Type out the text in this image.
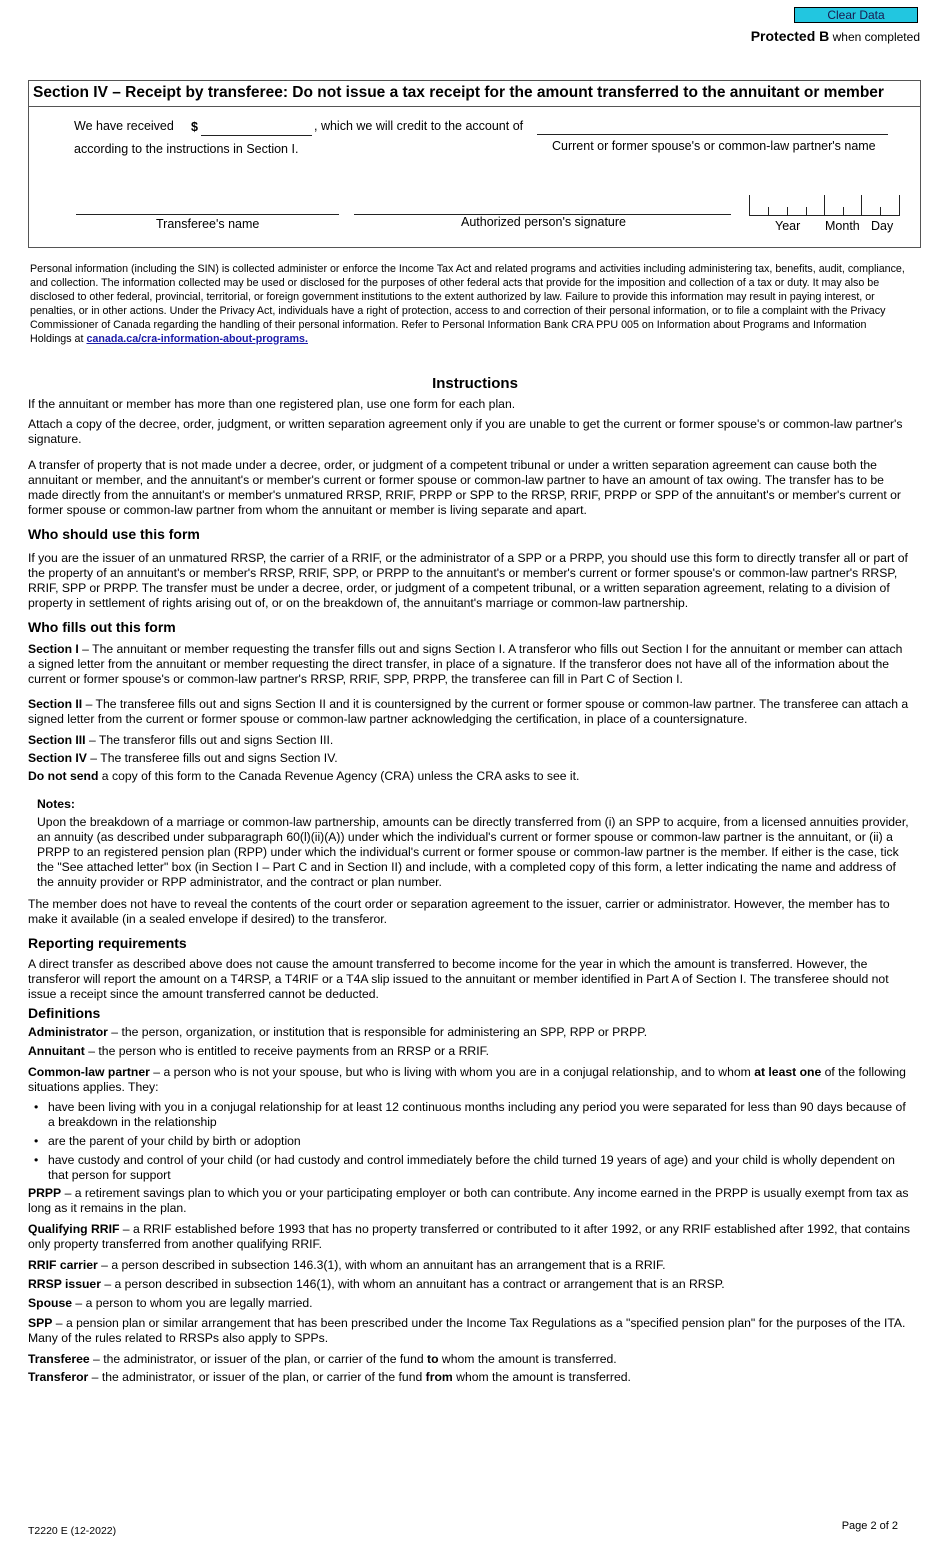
Clear Data
Protected B when completed
Section IV – Receipt by transferee: Do not issue a tax receipt for the amount transferred to the annuitant or member
We have received $	, which we will credit to the account of
according to the instructions in Section I.	Current or former spouse's or common-law partner's name
Transferee's name	Authorized person's signature	Year Month Day
Personal information (including the SIN) is collected administer or enforce the Income Tax Act and related programs and activities including administering tax, benefits, audit, compliance, and collection. The information collected may be used or disclosed for the purposes of other federal acts that provide for the imposition and collection of a tax or duty. It may also be disclosed to other federal, provincial, territorial, or foreign government institutions to the extent authorized by law. Failure to provide this information may result in paying interest, or penalties, or in other actions. Under the Privacy Act, individuals have a right of protection, access to and correction of their personal information, or to file a complaint with the Privacy Commissioner of Canada regarding the handling of their personal information. Refer to Personal Information Bank CRA PPU 005 on Information about Programs and Information Holdings at canada.ca/cra-information-about-programs.
Instructions
If the annuitant or member has more than one registered plan, use one form for each plan.
Attach a copy of the decree, order, judgment, or written separation agreement only if you are unable to get the current or former spouse's or common-law partner's signature.
A transfer of property that is not made under a decree, order, or judgment of a competent tribunal or under a written separation agreement can cause both the annuitant or member, and the annuitant's or member's current or former spouse or common-law partner to have an amount of tax owing. The transfer has to be made directly from the annuitant's or member's unmatured RRSP, RRIF, PRPP or SPP to the RRSP, RRIF, PRPP or SPP of the annuitant's or member's current or former spouse or common-law partner from whom the annuitant or member is living separate and apart.
Who should use this form
If you are the issuer of an unmatured RRSP, the carrier of a RRIF, or the administrator of a SPP or a PRPP, you should use this form to directly transfer all or part of the property of an annuitant's or member's RRSP, RRIF, SPP, or PRPP to the annuitant's or member's current or former spouse's or common-law partner's RRSP, RRIF, SPP or PRPP. The transfer must be under a decree, order, or judgment of a competent tribunal, or a written separation agreement, relating to a division of property in settlement of rights arising out of, or on the breakdown of, the annuitant's marriage or common-law partnership.
Who fills out this form
Section I – The annuitant or member requesting the transfer fills out and signs Section I. A transferor who fills out Section I for the annuitant or member can attach a signed letter from the annuitant or member requesting the direct transfer, in place of a signature. If the transferor does not have all of the information about the current or former spouse's or common-law partner's RRSP, RRIF, SPP, PRPP, the transferee can fill in Part C of Section I.
Section II – The transferee fills out and signs Section II and it is countersigned by the current or former spouse or common-law partner. The transferee can attach a signed letter from the current or former spouse or common-law partner acknowledging the certification, in place of a countersignature.
Section III – The transferor fills out and signs Section III.
Section IV – The transferee fills out and signs Section IV.
Do not send a copy of this form to the Canada Revenue Agency (CRA) unless the CRA asks to see it.
Notes:
Upon the breakdown of a marriage or common-law partnership, amounts can be directly transferred from (i) an SPP to acquire, from a licensed annuities provider, an annuity (as described under subparagraph 60(l)(ii)(A)) under which the individual's current or former spouse or common-law partner is the annuitant, or (ii) a PRPP to an registered pension plan (RPP) under which the individual's current or former spouse or common-law partner is the member. If either is the case, tick the "See attached letter" box (in Section I – Part C and in Section II) and include, with a completed copy of this form, a letter indicating the name and address of the annuity provider or RPP administrator, and the contract or plan number.
The member does not have to reveal the contents of the court order or separation agreement to the issuer, carrier or administrator. However, the member has to make it available (in a sealed envelope if desired) to the transferor.
Reporting requirements
A direct transfer as described above does not cause the amount transferred to become income for the year in which the amount is transferred. However, the transferor will report the amount on a T4RSP, a T4RIF or a T4A slip issued to the annuitant or member identified in Part A of Section I. The transferee should not issue a receipt since the amount transferred cannot be deducted.
Definitions
Administrator – the person, organization, or institution that is responsible for administering an SPP, RPP or PRPP.
Annuitant – the person who is entitled to receive payments from an RRSP or a RRIF.
Common-law partner – a person who is not your spouse, but who is living with whom you are in a conjugal relationship, and to whom at least one of the following situations applies. They:
• have been living with you in a conjugal relationship for at least 12 continuous months including any period you were separated for less than 90 days because of a breakdown in the relationship
• are the parent of your child by birth or adoption
• have custody and control of your child (or had custody and control immediately before the child turned 19 years of age) and your child is wholly dependent on that person for support
PRPP – a retirement savings plan to which you or your participating employer or both can contribute. Any income earned in the PRPP is usually exempt from tax as long as it remains in the plan.
Qualifying RRIF – a RRIF established before 1993 that has no property transferred or contributed to it after 1992, or any RRIF established after 1992, that contains only property transferred from another qualifying RRIF.
RRIF carrier – a person described in subsection 146.3(1), with whom an annuitant has an arrangement that is a RRIF.
RRSP issuer – a person described in subsection 146(1), with whom an annuitant has a contract or arrangement that is an RRSP.
Spouse – a person to whom you are legally married.
SPP – a pension plan or similar arrangement that has been prescribed under the Income Tax Regulations as a "specified pension plan" for the purposes of the ITA. Many of the rules related to RRSPs also apply to SPPs.
Transferee – the administrator, or issuer of the plan, or carrier of the fund to whom the amount is transferred.
Transferor – the administrator, or issuer of the plan, or carrier of the fund from whom the amount is transferred.
T2220 E (12-2022)	Page 2 of 2
